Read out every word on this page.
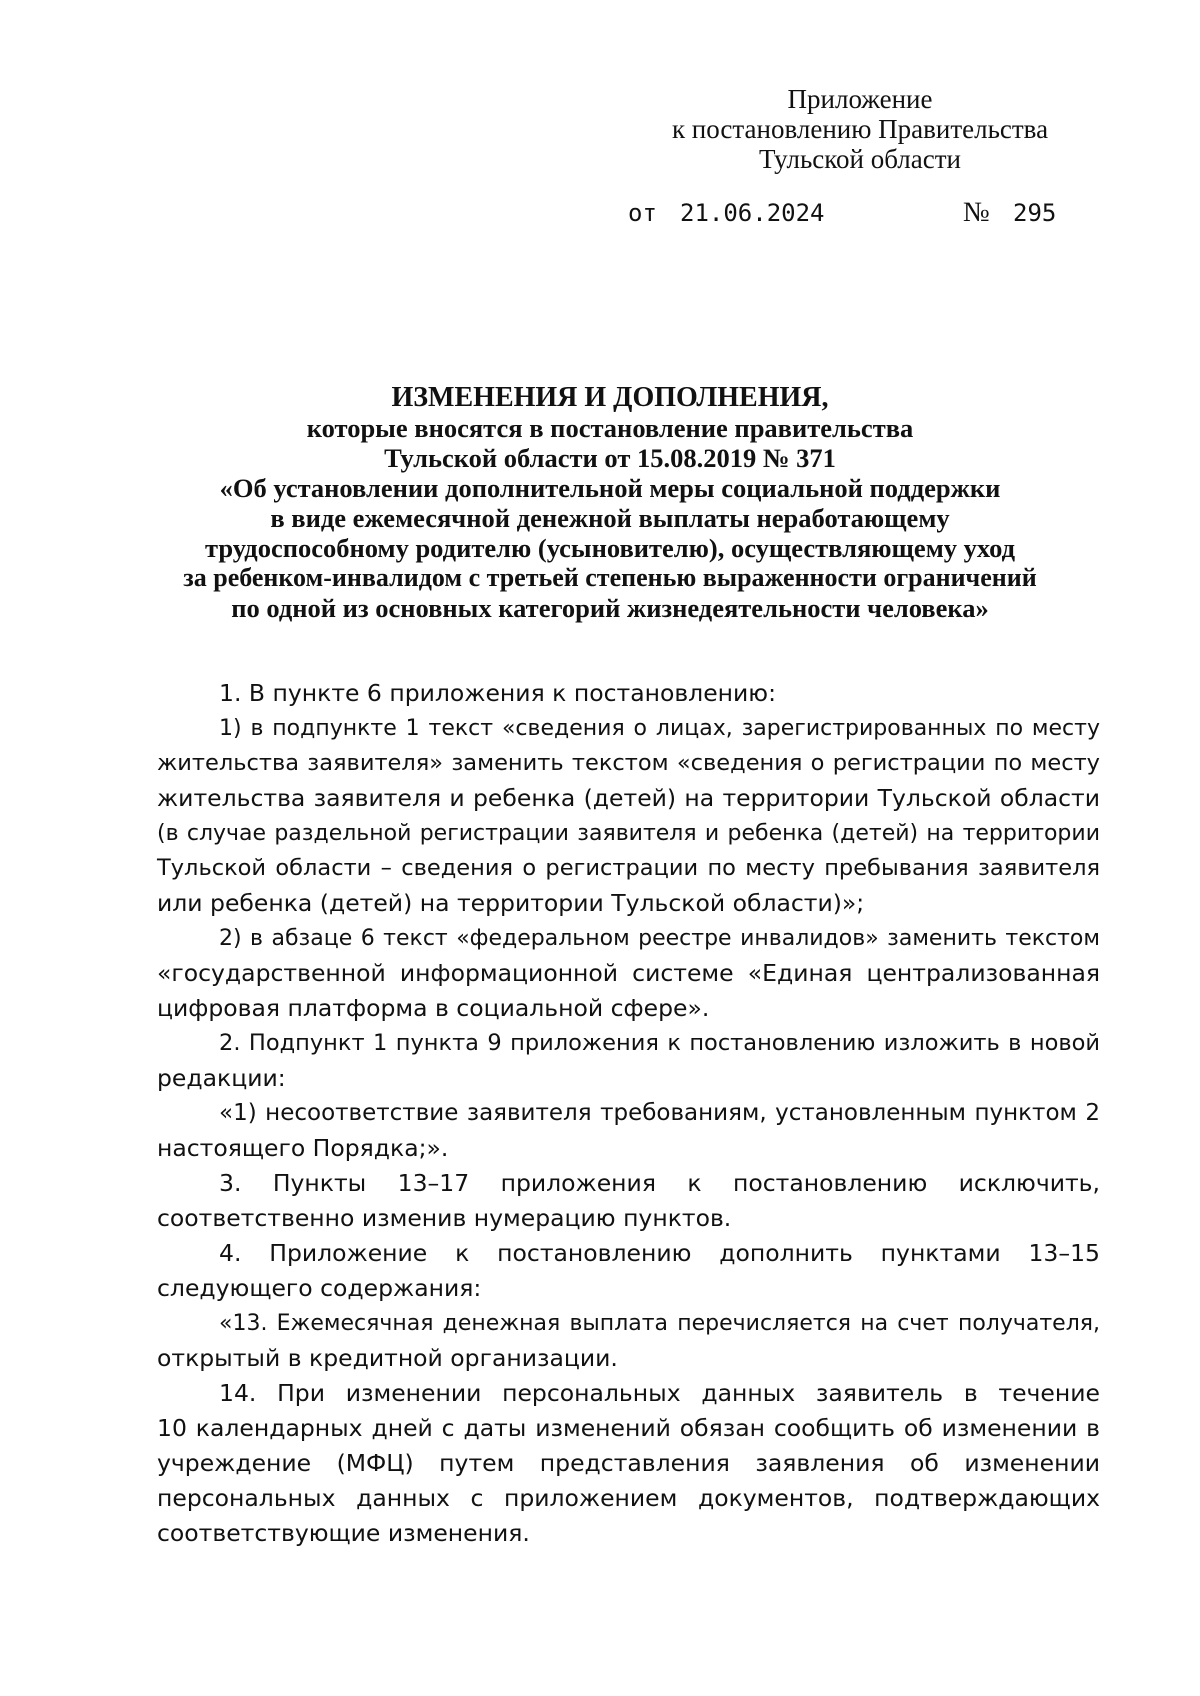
Приложение
к постановлению Правительства
Тульской области
от 21.06.2024	№ 295
ИЗМЕНЕНИЯ И ДОПОЛНЕНИЯ,
которые вносятся в постановление правительства
Тульской области от 15.08.2019 № 371
«Об установлении дополнительной меры социальной поддержки
в виде ежемесячной денежной выплаты неработающему
трудоспособному родителю (усыновителю), осуществляющему уход
за ребенком-инвалидом с третьей степенью выраженности ограничений
по одной из основных категорий жизнедеятельности человека»
1. В пункте 6 приложения к постановлению:
1) в подпункте 1 текст «сведения о лицах, зарегистрированных по месту
жительства заявителя» заменить текстом «сведения о регистрации по месту
жительства заявителя и ребенка (детей) на территории Тульской области
(в случае раздельной регистрации заявителя и ребенка (детей) на территории
Тульской области – сведения о регистрации по месту пребывания заявителя
или ребенка (детей) на территории Тульской области)»;
2) в абзаце 6 текст «федеральном реестре инвалидов» заменить текстом
«государственной информационной системе «Единая централизованная
цифровая платформа в социальной сфере».
2. Подпункт 1 пункта 9 приложения к постановлению изложить в новой
редакции:
«1) несоответствие заявителя требованиям, установленным пунктом 2
настоящего Порядка;».
3. Пункты 13–17 приложения к постановлению исключить,
соответственно изменив нумерацию пунктов.
4. Приложение к постановлению дополнить пунктами 13–15
следующего содержания:
«13. Ежемесячная денежная выплата перечисляется на счет получателя,
открытый в кредитной организации.
14. При изменении персональных данных заявитель в течение
10 календарных дней с даты изменений обязан сообщить об изменении в
учреждение (МФЦ) путем представления заявления об изменении
персональных данных с приложением документов, подтверждающих
соответствующие изменения.
